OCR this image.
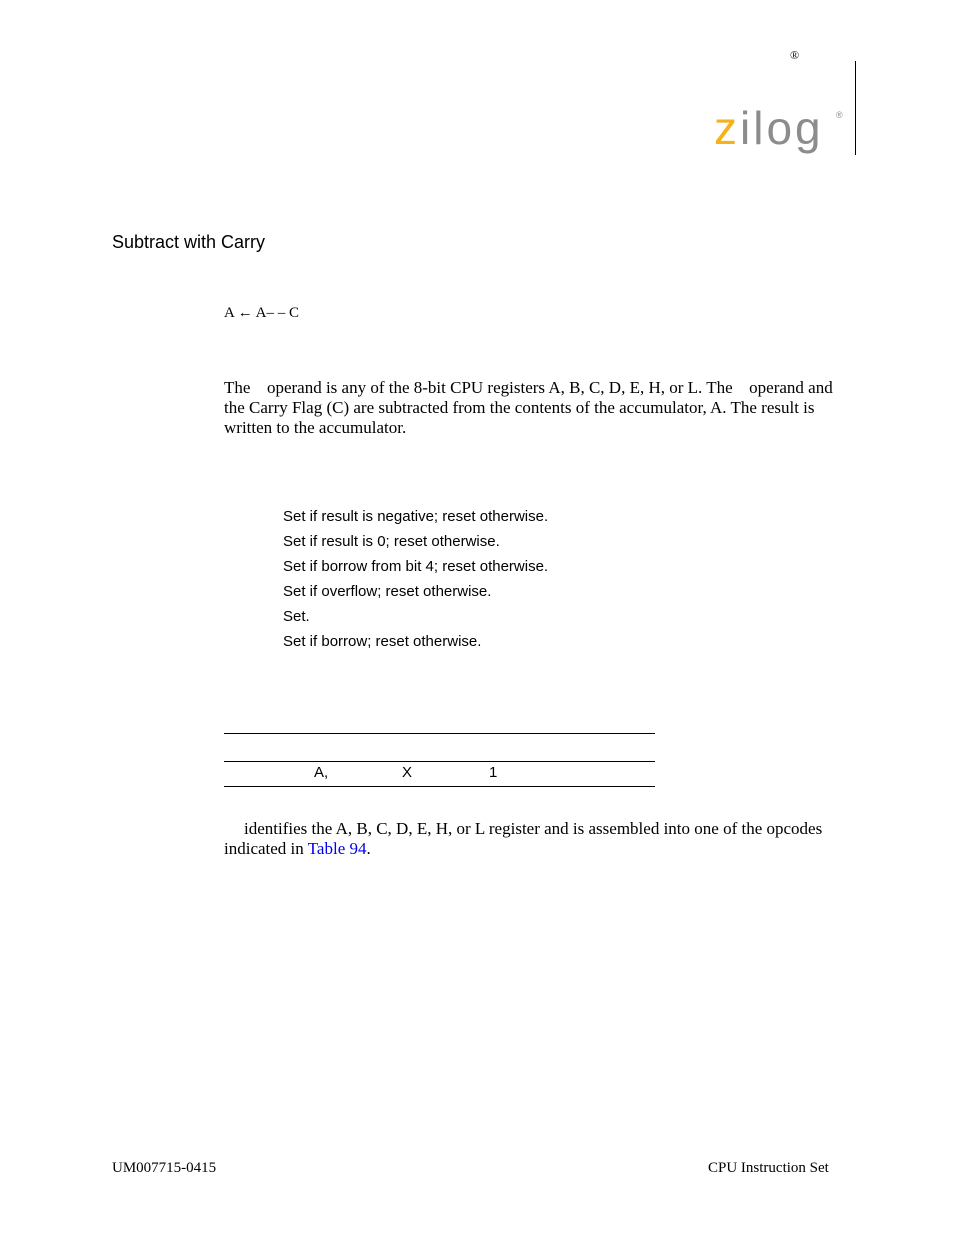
®
z ilog ®
Subtract with Carry
A ← A– – C
The operand is any of the 8-bit CPU registers A, B, C, D, E, H, or L. The operand and the Carry Flag (C) are subtracted from the contents of the accumulator, A. The result is written to the accumulator.
Set if result is negative; reset otherwise.
Set if result is 0; reset otherwise.
Set if borrow from bit 4; reset otherwise.
Set if overflow; reset otherwise.
Set.
Set if borrow; reset otherwise.
A,	X	1
identifies the A, B, C, D, E, H, or L register and is assembled into one of the opcodes indicated in Table 94.
UM007715-0415	CPU Instruction Set
